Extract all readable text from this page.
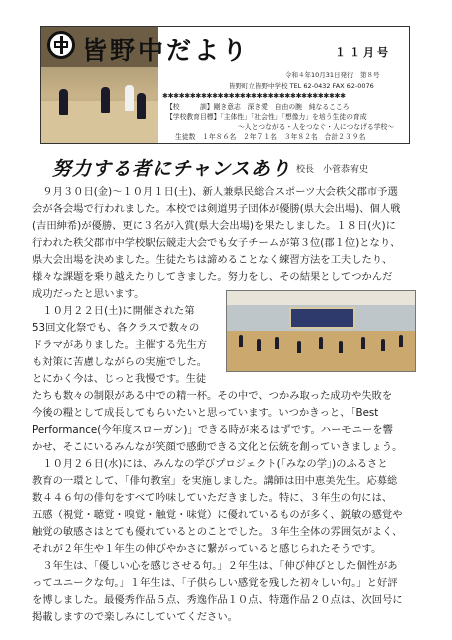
皆野中だより	１１月号
令和４年10月31日発行　第８号
皆野町立皆野中学校 TEL 62-0432 FAX 62-0076
✱✱✱✱✱✱✱✱✱✱✱✱✱✱✱✱✱✱✱✱✱✱✱✱✱✱✱✱✱✱✱✱✱
【校　　　訓】剛き意志　深き愛　自由の腕　純なるこころ
【学校教育目標】「主体性」「社会性」「想像力」を培う生徒の育成
～人とつながる・人をつなぐ・人につなげる学校～
生徒数　１年８６名　２年７１名　３年８２名　合計２３９名
努力する者にチャンスあり 校長　小菅恭宥史
　９月３０日(金)～１０月１日(土)、新人兼県民総合スポーツ大会秩父郡市予選
会が各会場で行われました。本校では剣道男子団体が優勝(県大会出場)、個人戦
(吉田紳希)が優勝、更に３名が入賞(県大会出場)を果たしました。１８日(火)に
行われた秩父郡市中学校駅伝競走大会でも女子チームが第３位(郡１位)となり、
県大会出場を決めました。生徒たちは諦めることなく練習方法を工夫したり、
様々な課題を乗り越えたりしてきました。努力をし、その結果としてつかんだ
成功だったと思います。
　１０月２２日(土)に開催された第
53回文化祭でも、各クラスで数々の
ドラマがありました。主催する先生方
も対策に苦慮しながらの実施でした。
とにかく今は、じっと我慢です。生徒
たちも数々の制限がある中での精一杯。その中で、つかみ取った成功や失敗を
今後の糧として成長してもらいたいと思っています。いつかきっと、「Best
Performance(今年度スローガン)」できる時が来るはずです。ハーモニーを響
かせ、そこにいるみんなが笑顔で感動できる文化と伝統を創っていきましょう。
　１０月２６日(水)には、みんなの学びプロジェクト(「みなの学」)のふるさと
教育の一環として、「俳句教室」を実施しました。講師は田中恵美先生。応募総
数４４６句の俳句をすべて吟味していただきました。特に、３年生の句には、
五感（視覚・聴覚・嗅覚・触覚・味覚）に優れているものが多く、鋭敏の感覚や
触覚の敏感さはとても優れているとのことでした。３年生全体の雰囲気がよく、
それが２年生や１年生の伸びやかさに繋がっていると感じられたそうです。
　３年生は、「優しい心を感じさせる句。」２年生は、「伸び伸びとした個性があ
ってユニークな句。」１年生は、「子供らしい感覚を残した初々しい句。」と好評
を博しました。最優秀作品５点、秀逸作品１０点、特選作品２０点は、次回号に
掲載しますので楽しみにしていてください。
